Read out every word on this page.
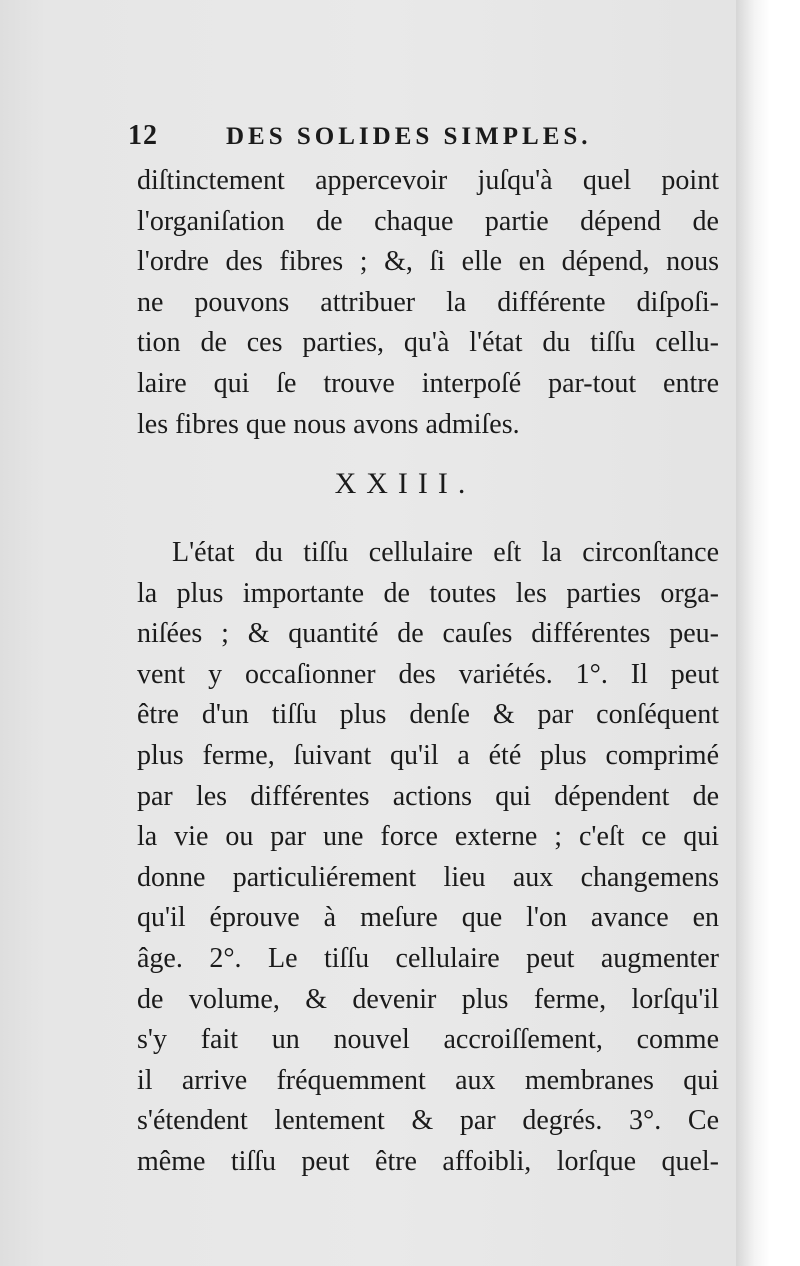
12	DES SOLIDES SIMPLES.
diſtinctement appercevoir juſqu'à quel point
l'organiſation de chaque partie dépend de
l'ordre des fibres ; &, ſi elle en dépend, nous
ne pouvons attribuer la différente diſpoſi-
tion de ces parties, qu'à l'état du tiſſu cellu-
laire qui ſe trouve interpoſé par-tout entre
les fibres que nous avons admiſes.
XXIII.
L'état du tiſſu cellulaire eſt la circonſtance
la plus importante de toutes les parties orga-
niſées ; & quantité de cauſes différentes peu-
vent y occaſionner des variétés. 1°. Il peut
être d'un tiſſu plus denſe & par conſéquent
plus ferme, ſuivant qu'il a été plus comprimé
par les différentes actions qui dépendent de
la vie ou par une force externe ; c'eſt ce qui
donne particuliérement lieu aux changemens
qu'il éprouve à meſure que l'on avance en
âge. 2°. Le tiſſu cellulaire peut augmenter
de volume, & devenir plus ferme, lorſqu'il
s'y fait un nouvel accroiſſement, comme
il arrive fréquemment aux membranes qui
s'étendent lentement & par degrés. 3°. Ce
même tiſſu peut être affoibli, lorſque quel-
